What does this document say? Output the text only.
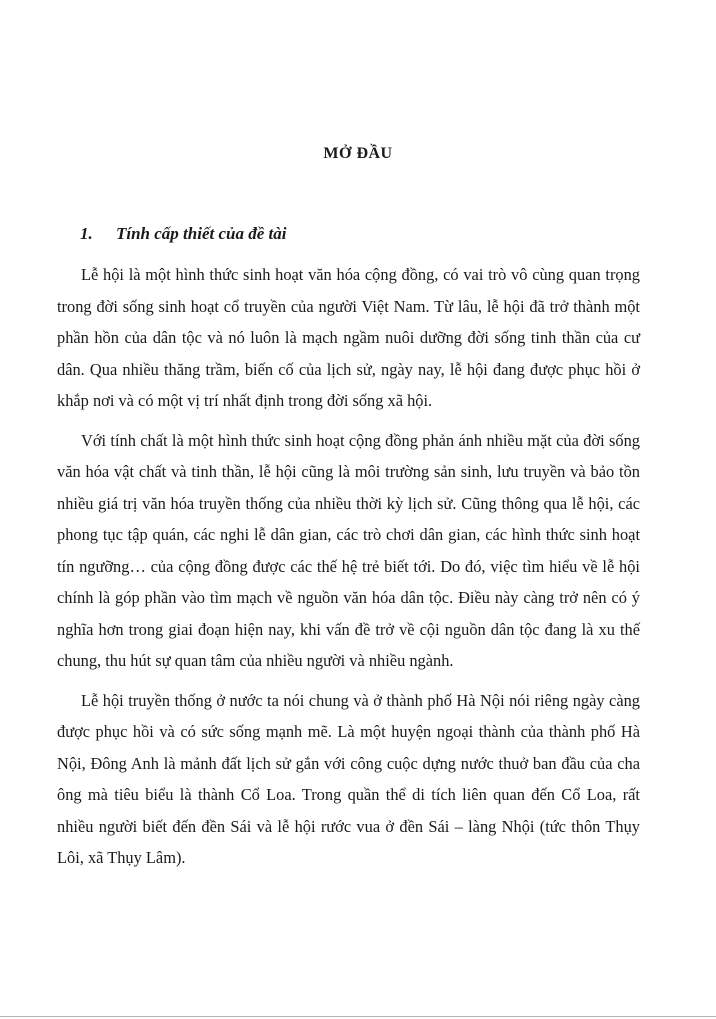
MỞ ĐẦU
1. Tính cấp thiết của đề tài

Lễ hội là một hình thức sinh hoạt văn hóa cộng đồng, có vai trò vô cùng quan trọng trong đời sống sinh hoạt cổ truyền của người Việt Nam. Từ lâu, lễ hội đã trở thành một phần hồn của dân tộc và nó luôn là mạch ngầm nuôi dưỡng đời sống tinh thần của cư dân. Qua nhiều thăng trầm, biến cố của lịch sử, ngày nay, lễ hội đang được phục hồi ở khắp nơi và có một vị trí nhất định trong đời sống xã hội.

Với tính chất là một hình thức sinh hoạt cộng đồng phản ánh nhiều mặt của đời sống văn hóa vật chất và tinh thần, lễ hội cũng là môi trường sản sinh, lưu truyền và bảo tồn nhiều giá trị văn hóa truyền thống của nhiều thời kỳ lịch sử. Cũng thông qua lễ hội, các phong tục tập quán, các nghi lễ dân gian, các trò chơi dân gian, các hình thức sinh hoạt tín ngưỡng… của cộng đồng được các thế hệ trẻ biết tới. Do đó, việc tìm hiểu về lễ hội chính là góp phần vào tìm mạch về nguồn văn hóa dân tộc. Điều này càng trở nên có ý nghĩa hơn trong giai đoạn hiện nay, khi vấn đề trở về cội nguồn dân tộc đang là xu thế chung, thu hút sự quan tâm của nhiều người và nhiều ngành.

Lễ hội truyền thống ở nước ta nói chung và ở thành phố Hà Nội nói riêng ngày càng được phục hồi và có sức sống mạnh mẽ. Là một huyện ngoại thành của thành phố Hà Nội, Đông Anh là mảnh đất lịch sử gắn với công cuộc dựng nước thuở ban đầu của cha ông mà tiêu biểu là thành Cổ Loa. Trong quần thể di tích liên quan đến Cổ Loa, rất nhiều người biết đến đền Sái và lễ hội rước vua ở đền Sái – làng Nhội (tức thôn Thụy Lôi, xã Thụy Lâm).
